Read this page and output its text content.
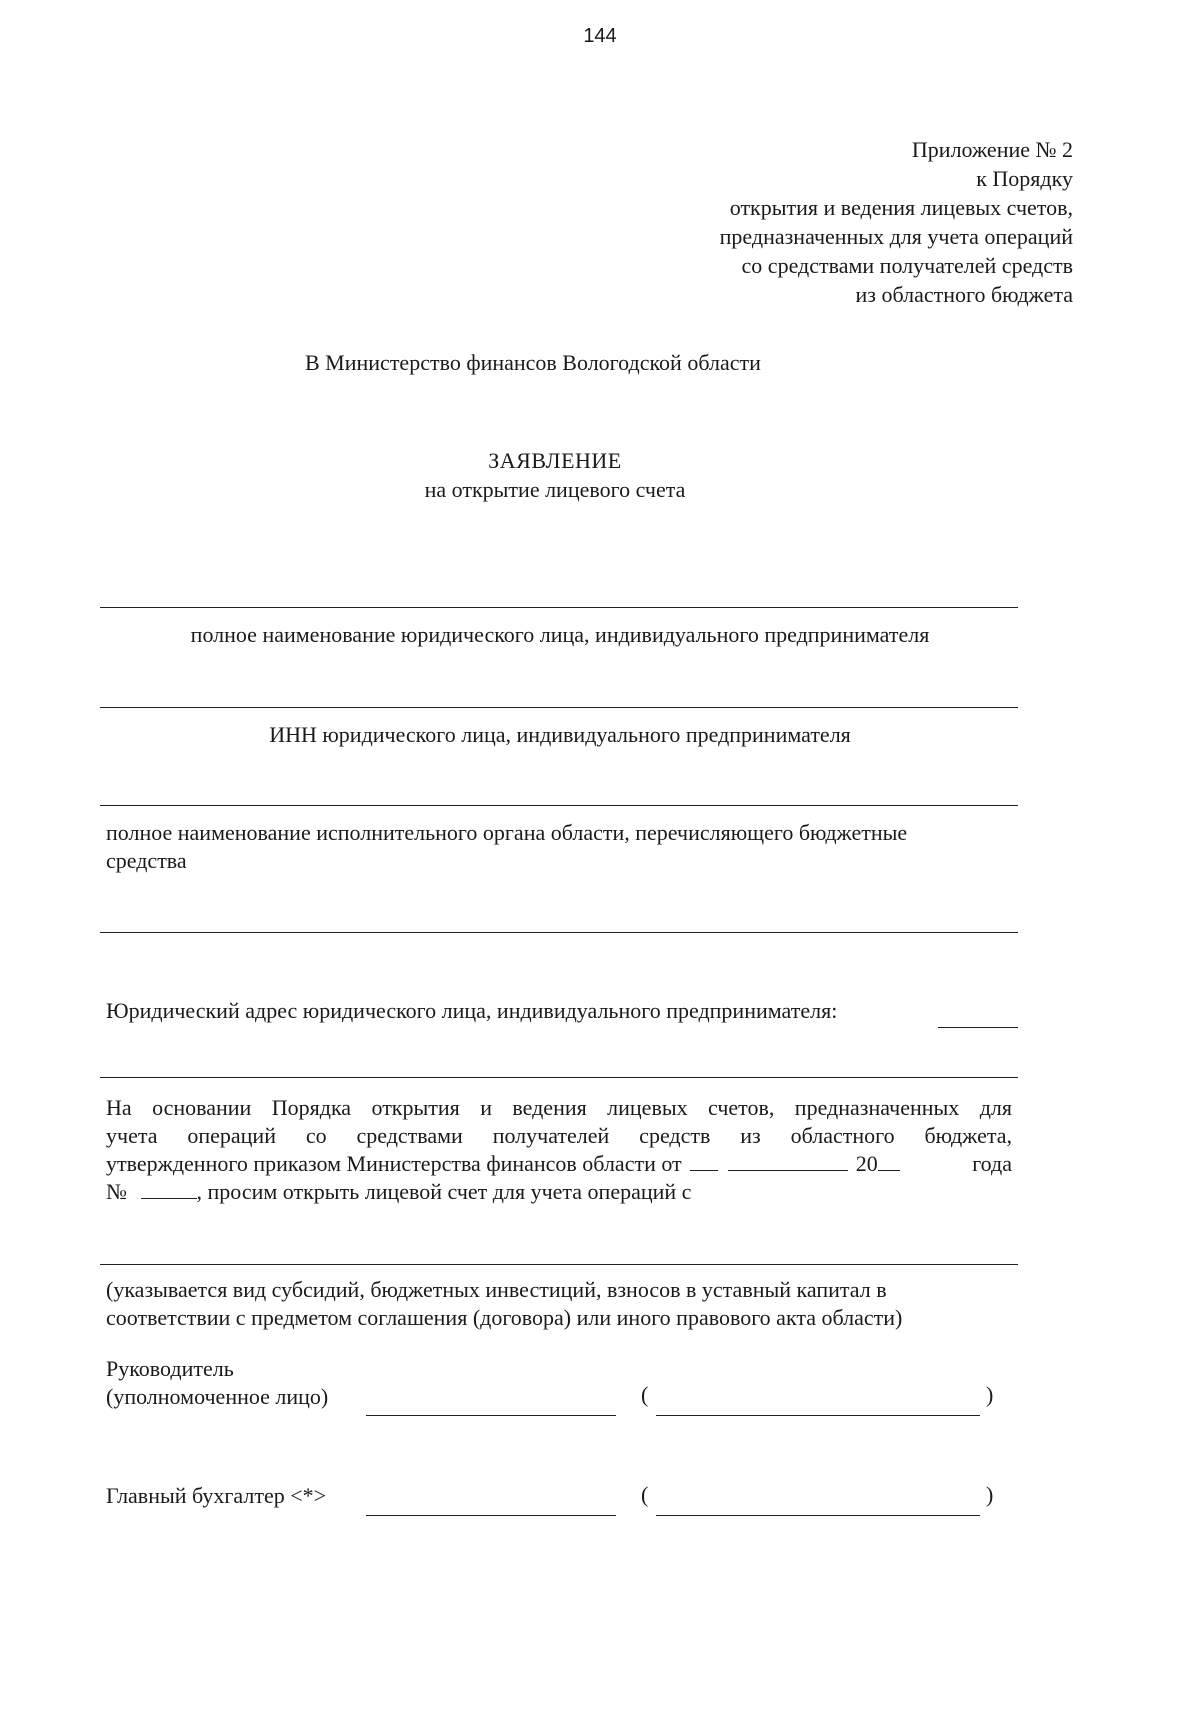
144
Приложение № 2
к Порядку
открытия и ведения лицевых счетов,
предназначенных для учета операций
со средствами получателей средств
из областного бюджета
В Министерство финансов Вологодской области
ЗАЯВЛЕНИЕ
на открытие лицевого счета
полное наименование юридического лица, индивидуального предпринимателя
ИНН юридического лица, индивидуального предпринимателя
полное наименование исполнительного органа области, перечисляющего бюджетные
средства
Юридический адрес юридического лица, индивидуального предпринимателя:
На основании Порядка открытия и ведения лицевых счетов, предназначенных для
учета операций со средствами получателей средств из областного бюджета,
утвержденного приказом Министерства финансов области от	20	года
№	, просим открыть лицевой счет для учета операций с
(указывается вид субсидий, бюджетных инвестиций, взносов в уставный капитал в
соответствии с предметом соглашения (договора) или иного правового акта области)
Руководитель
(уполномоченное лицо)	(	)
Главный бухгалтер <*>	(	)
